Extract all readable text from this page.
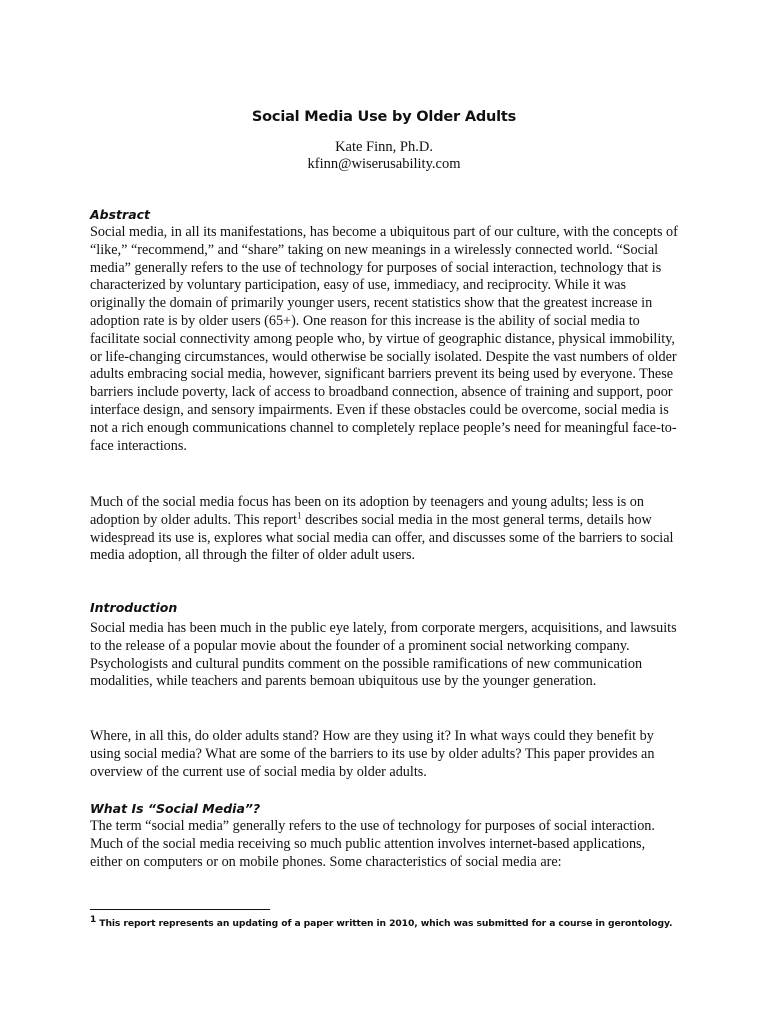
Social Media Use by Older Adults
Kate Finn, Ph.D.
kfinn@wiserusability.com
Abstract

Social media, in all its manifestations, has become a ubiquitous part of our culture, with the concepts of “like,” “recommend,” and “share” taking on new meanings in a wirelessly connected world. “Social media” generally refers to the use of technology for purposes of social interaction, technology that is characterized by voluntary participation, easy of use, immediacy, and reciprocity. While it was originally the domain of primarily younger users, recent statistics show that the greatest increase in adoption rate is by older users (65+). One reason for this increase is the ability of social media to facilitate social connectivity among people who, by virtue of geographic distance, physical immobility, or life-changing circumstances, would otherwise be socially isolated. Despite the vast numbers of older adults embracing social media, however, significant barriers prevent its being used by everyone. These barriers include poverty, lack of access to broadband connection, absence of training and support, poor interface design, and sensory impairments. Even if these obstacles could be overcome, social media is not a rich enough communications channel to completely replace people’s need for meaningful face-to-face interactions.

Much of the social media focus has been on its adoption by teenagers and young adults; less is on adoption by older adults. This report$^1$ describes social media in the most general terms, details how widespread its use is, explores what social media can offer, and discusses some of the barriers to social media adoption, all through the filter of older adult users.

Introduction

Social media has been much in the public eye lately, from corporate mergers, acquisitions, and lawsuits to the release of a popular movie about the founder of a prominent social networking company. Psychologists and cultural pundits comment on the possible ramifications of new communication modalities, while teachers and parents bemoan ubiquitous use by the younger generation.

Where, in all this, do older adults stand? How are they using it? In what ways could they benefit by using social media? What are some of the barriers to its use by older adults? This paper provides an overview of the current use of social media by older adults.

What Is “Social Media”?

The term “social media” generally refers to the use of technology for purposes of social interaction. Much of the social media receiving so much public attention involves internet-based applications, either on computers or on mobile phones. Some characteristics of social media are:

$^1$ This report represents an updating of a paper written in 2010, which was submitted for a course in gerontology.
